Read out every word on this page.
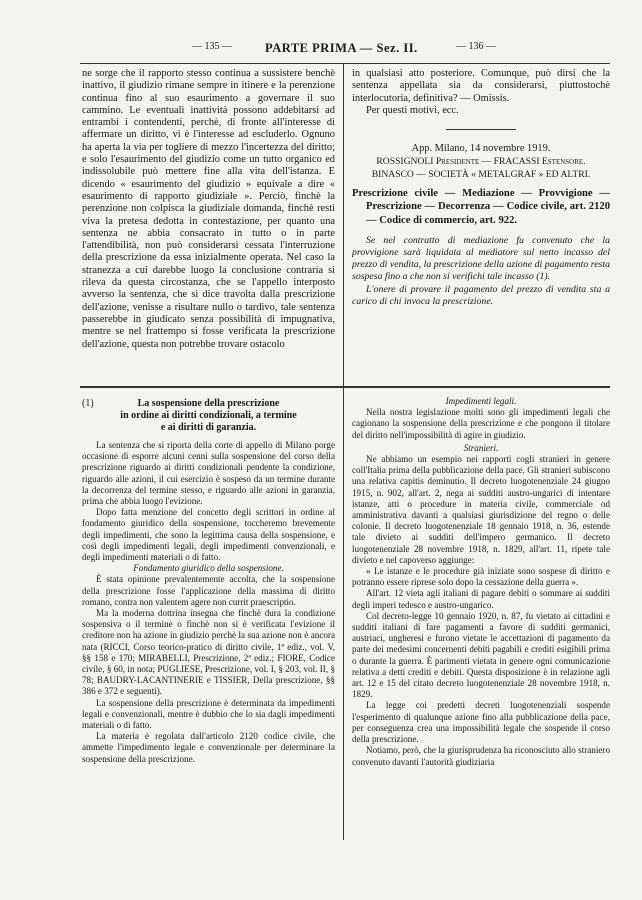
— 135 —	PARTE PRIMA — Sez. II.	— 136 —

ne sorge che il rapporto stesso continua a sussistere benchè inattivo, il giudizio rimane sempre in itinere e la perenzione continua fino al suo esaurimento a governare il suo cammino. Le eventuali inattività possono addebitarsi ad entrambi i contendenti, perchè, di fronte all'interesse di affermare un diritto, vi è l'interesse ad escluderlo. Ognuno ha aperta la via per togliere di mezzo l'incertezza del diritto; e solo l'esaurimento del giudizio come un tutto organico ed indissolubile può mettere fine alla vita dell'istanza. E dicendo « esaurimento del giudizio » equivale a dire « esaurimento di rapporto giudiziale ». Perciò, finchè la perenzione non colpisca la giudiziale domanda, finchè resti viva la pretesa dedotta in contestazione, per quanto una sentenza ne abbia consacrato in tutto o in parte l'attendibilità, non può considerarsi cessata l'interruzione della prescrizione da essa inizialmente operata. Nel caso la stranezza a cui darebbe luogo la conclusione contraria si rileva da questa circostanza, che se l'appello interposto avverso la sentenza, che si dice travolta dalla prescrizione dell'azione, venisse a risultare nullo o tardivo, tale sentenza passerebbe in giudicato senza possibilità di impugnativa, mentre se nel frattempo si fosse verificata la prescrizione dell'azione, questa non potrebbe trovare ostacolo

(1)	La sospensione della prescrizione
in ordine ai diritti condizionali, a termine
e ai diritti di garanzia.

La sentenza che si riporta della corte di appello di Milano porge occasione di esporre alcuni cenni sulla sospensione del corso della prescrizione riguardo ai diritti condizionali pendente la condizione, riguardo alle azioni, il cui esercizio è sospeso da un termine durante la decorrenza del termine stesso, e riguardo alle azioni in garanzia, prima che abbia luogo l'evizione.

Dopo fatta menzione del concetto degli scrittori in ordine al fondamento giuridico della sospensione, toccheremo brevemente degli impedimenti, che sono la legittima causa della sospensione, e così degli impedimenti legali, degli impedimenti convenzionali, e degli impedimenti materiali o di fatto.

Fondamento giuridico della sospensione.

È stata opinione prevalentemente accolta, che la sospensione della prescrizione fosse l'applicazione della massima di diritto romano, contra non valentem agere non currit praescriptio.

Ma la moderna dottrina insegna che finchè dura la condizione sospensiva o il termine o finchè non si è verificata l'evizione il creditore non ha azione in giudizio perchè la sua azione non è ancora nata (RICCI, Corso teorico-pratico di diritto civile, 1ª ediz., vol. V, §§ 158 e 170; MIRABELLI, Prescrizione, 2ª ediz.; FIORE, Codice civile, § 60, in nota; PUGLIESE, Prescrizione, vol. I, § 203, vol. II, § 78; BAUDRY-LACANTINERIE e TISSIER, Della prescrizione, §§ 386 e 372 e seguenti).

La sospensione della prescrizione è determinata da impedimenti legali e convenzionali, mentre è dubbio che lo sia dagli impedimenti materiali o di fatto.

La materia è regolata dall'articolo 2120 codice civile, che ammette l'impedimento legale e convenzionale per determinare la sospensione della prescrizione.

in qualsiasi atto posteriore. Comunque, può dirsi che la sentenza appellata sia da considerarsi, piuttostochè interlocutoria, definitiva? — Omissis.

Per questi motivi, ecc.

App. Milano, 14 novembre 1919.
ROSSIGNOLI Presidente — FRACASSI Estensore.
BINASCO — SOCIETÀ « METALGRAF » ED ALTRI.
Prescrizione civile — Mediazione — Provvigione — Prescrizione — Decorrenza — Codice civile, art. 2120 — Codice di commercio, art. 922.

Se nel contratto di mediazione fu convenuto che la provvigione sarà liquidata al mediatore sul netto incasso del prezzo di vendita, la prescrizione della azione di pagamento resta sospesa fino a che non si verifichi tale incasso (1).

L'onere di provare il pagamento del prezzo di vendita sta a carico di chi invoca la prescrizione.

Impedimenti legali.

Nella nostra legislazione molti sono gli impedimenti legali che cagionano la sospensione della prescrizione e che pongono il titolare del diritto nell'impossibilità di agire in giudizio.

Stranieri.

Ne abbiamo un esempio nei rapporti cogli stranieri in genere coll'Italia prima della pubblicazione della pace. Gli stranieri subiscono una relativa capitis deminutio. Il decreto luogotenenziale 24 giugno 1915, n. 902, all'art. 2, nega ai sudditi austro-ungarici di intentare istanze, atti o procedure in materia civile, commerciale od amministrativa davanti a qualsiasi giurisdizione del regno o delle colonie. Il decreto luogotenenziale 18 gennaio 1918, n. 36, estende tale divieto ai sudditi dell'impero germanico. Il decreto luogotenenziale 28 novembre 1918, n. 1829, all'art. 11, ripete tale divieto e nel capoverso aggiunge:

« Le istanze e le procedure già iniziate sono sospese di diritto e potranno essere riprese solo dopo la cessazione della guerra ».

All'art. 12 vieta agli italiani di pagare debiti o sommare ai sudditi degli imperi tedesco e austro-ungarico.

Col decreto-legge 10 gennaio 1920, n. 87, fu vietato ai cittadini e sudditi italiani di fare pagamenti a favore di sudditi germanici, austriaci, ungheresi e furono vietate le accettazioni di pagamento da parte dei medesimi concernenti debiti pagabili e crediti esigibili prima o durante la guerra. È parimenti vietata in genere ogni comunicazione relativa a detti crediti e debiti. Questa disposizione è in relazione agli art. 12 e 15 del citato decreto luogotenenziale 28 novembre 1918, n. 1829.

La legge coi predetti decreti luogotenenziali sospende l'esperimento di qualunque azione fino alla pubblicazione della pace, per conseguenza crea una impossibilità legale che sospende il corso della prescrizione.

Notiamo, però, che la giurisprudenza ha riconosciuto allo straniero convenuto davanti l'autorità giudiziaria
